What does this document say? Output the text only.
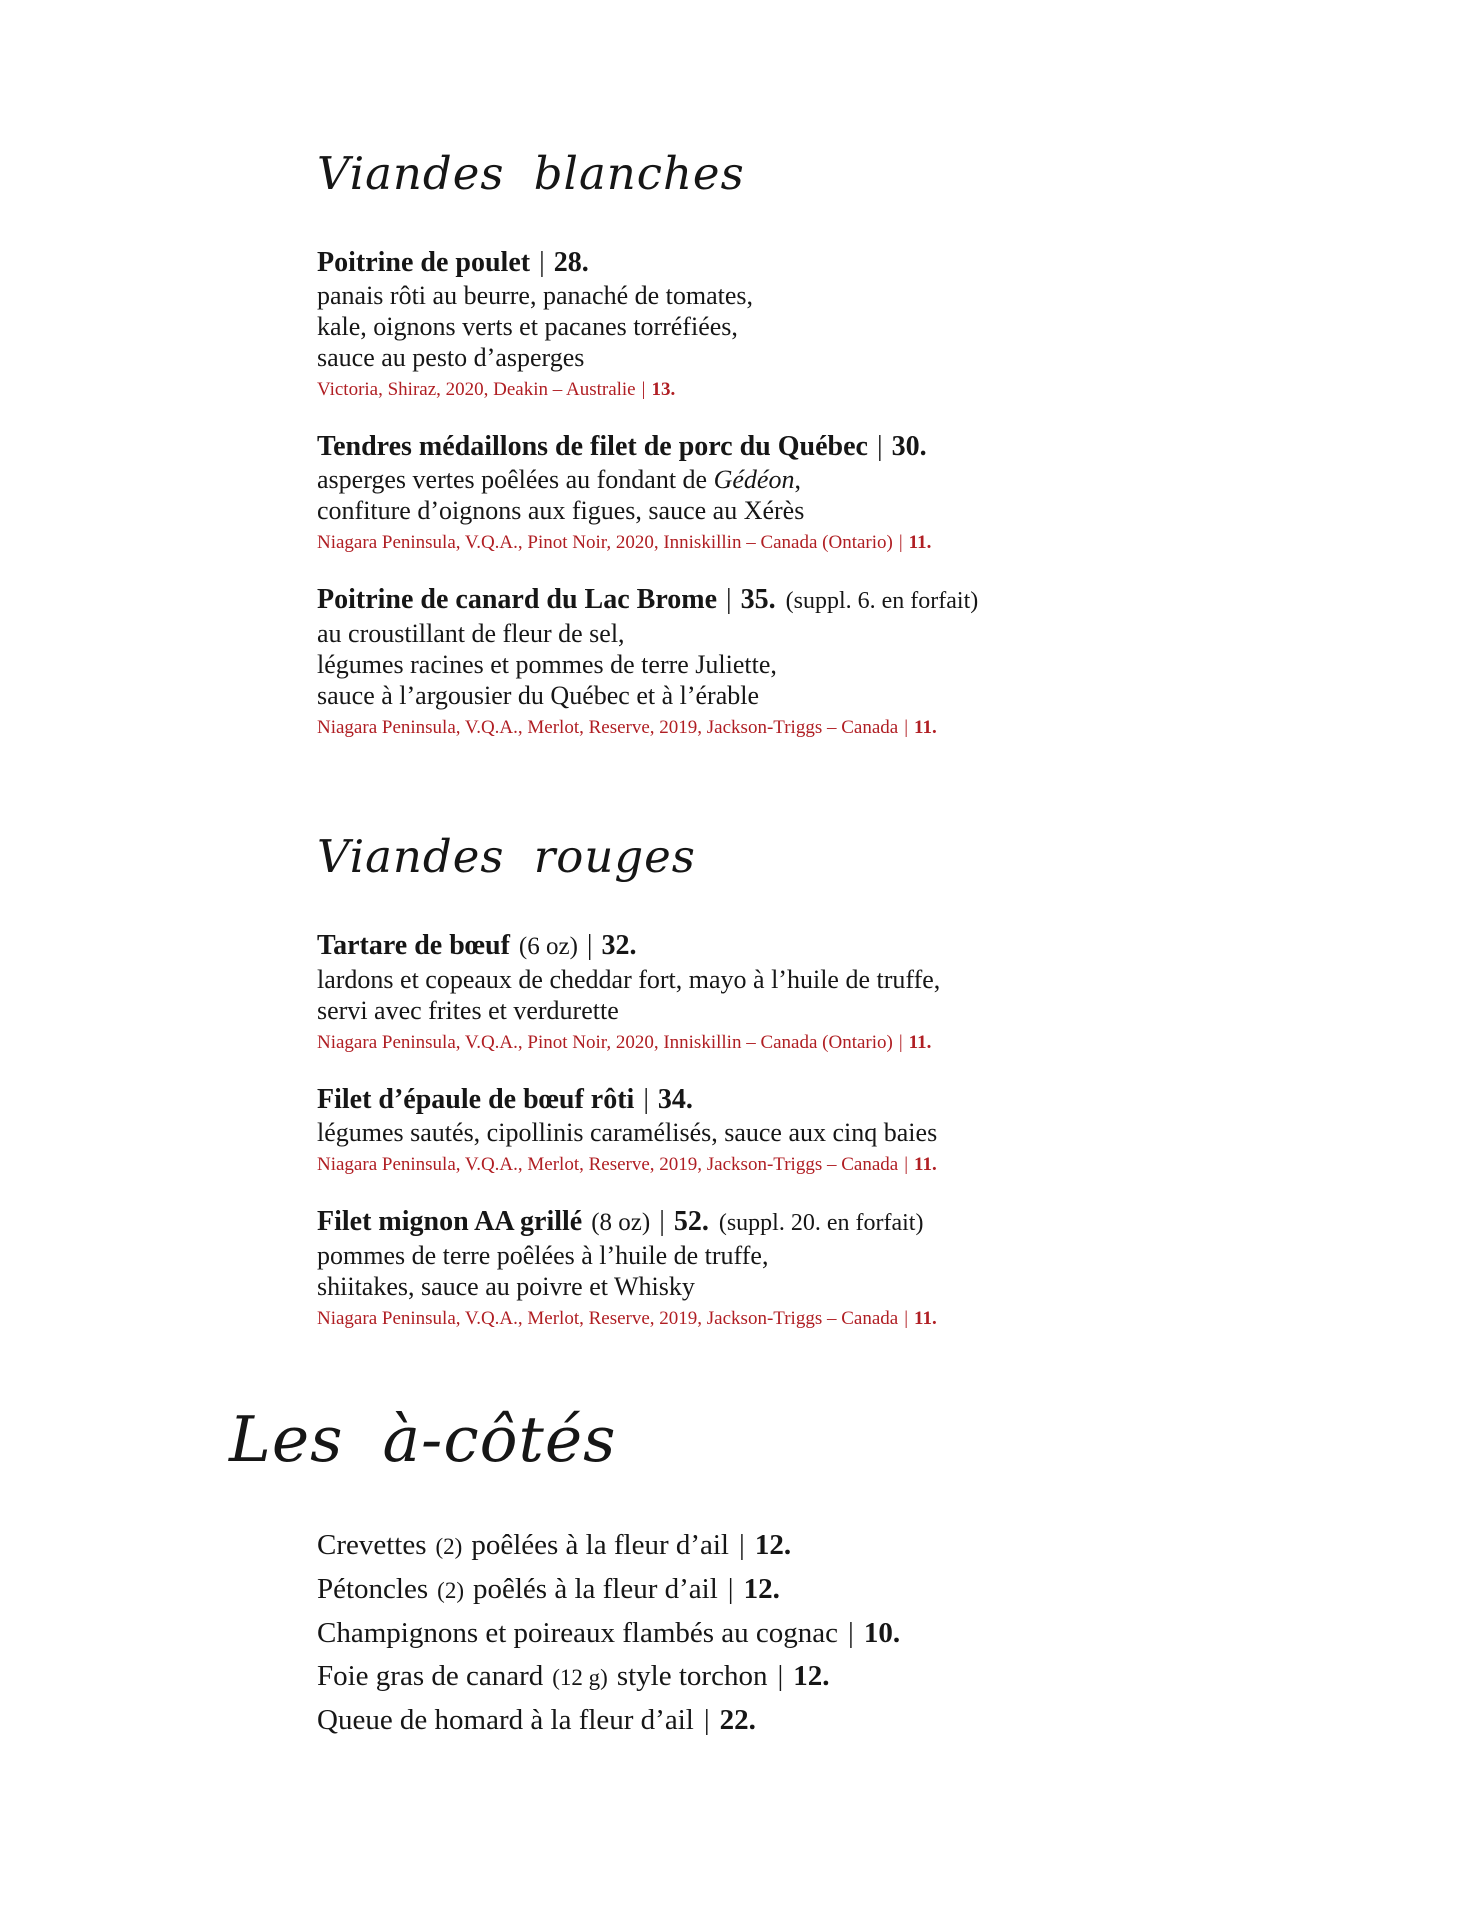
Viandes blanches

Poitrine de poulet | 28.

panais rôti au beurre, panaché de tomates,

kale, oignons verts et pacanes torréfiées,

sauce au pesto d’asperges

Victoria, Shiraz, 2020, Deakin – Australie | 13.

Tendres médaillons de filet de porc du Québec | 30.

asperges vertes poêlées au fondant de Gédéon,

confiture d’oignons aux figues, sauce au Xérès

Niagara Peninsula, V.Q.A., Pinot Noir, 2020, Inniskillin – Canada (Ontario) | 11.

Poitrine de canard du Lac Brome | 35. (suppl. 6. en forfait)

au croustillant de fleur de sel,

légumes racines et pommes de terre Juliette,

sauce à l’argousier du Québec et à l’érable

Niagara Peninsula, V.Q.A., Merlot, Reserve, 2019, Jackson-Triggs – Canada | 11.

Viandes rouges

Tartare de bœuf (6 oz) | 32.

lardons et copeaux de cheddar fort, mayo à l’huile de truffe,

servi avec frites et verdurette

Niagara Peninsula, V.Q.A., Pinot Noir, 2020, Inniskillin – Canada (Ontario) | 11.

Filet d’épaule de bœuf rôti | 34.

légumes sautés, cipollinis caramélisés, sauce aux cinq baies

Niagara Peninsula, V.Q.A., Merlot, Reserve, 2019, Jackson-Triggs – Canada | 11.

Filet mignon AA grillé (8 oz) | 52. (suppl. 20. en forfait)

pommes de terre poêlées à l’huile de truffe,

shiitakes, sauce au poivre et Whisky

Niagara Peninsula, V.Q.A., Merlot, Reserve, 2019, Jackson-Triggs – Canada | 11.

Les à-côtés

Crevettes (2) poêlées à la fleur d’ail | 12.

Pétoncles (2) poêlés à la fleur d’ail | 12.

Champignons et poireaux flambés au cognac | 10.

Foie gras de canard (12 g) style torchon | 12.

Queue de homard à la fleur d’ail | 22.
